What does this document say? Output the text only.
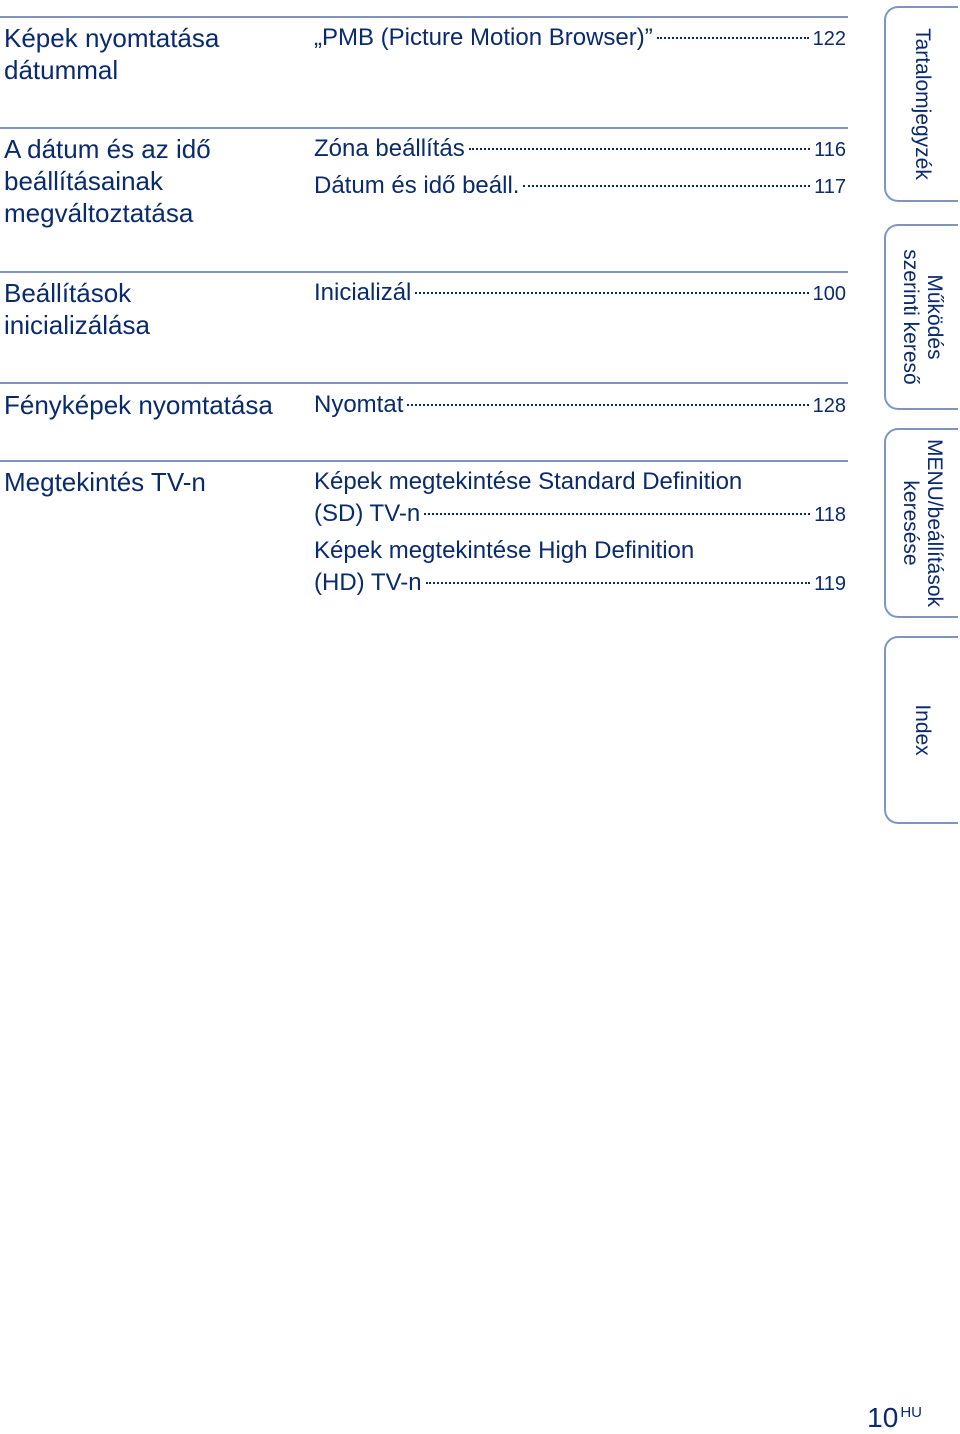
Képek nyomtatása
dátummal
„PMB (Picture Motion Browser)”	122
A dátum és az idő
beállításainak
megváltoztatása
Zóna beállítás	116
Dátum és idő beáll.	117
Beállítások
inicializálása
Inicializál	100
Fényképek nyomtatása	Nyomtat	128
Megtekintés TV-n	Képek megtekintése Standard Definition
(SD) TV-n	118
Képek megtekintése High Definition
(HD) TV-n	119
Tartalomjegyzék
Működés
szerinti kereső
MENU/beállítások
keresése
Index
10 $^{HU}$
